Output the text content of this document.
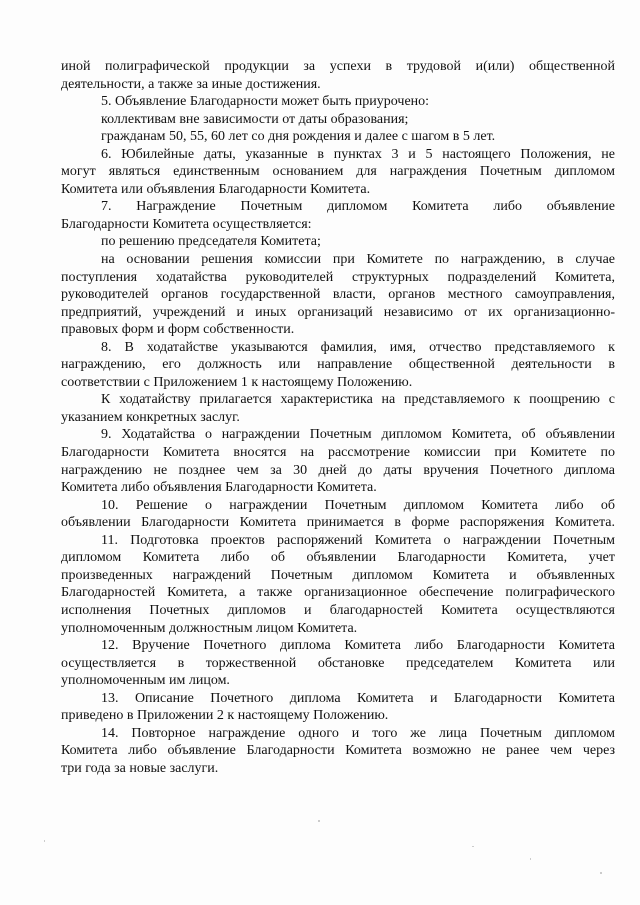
иной полиграфической продукции за успехи в трудовой и(или) общественной
деятельности, а также за иные достижения.
5. Объявление Благодарности может быть приурочено:
коллективам вне зависимости от даты образования;
гражданам 50, 55, 60 лет со дня рождения и далее с шагом в 5 лет.
6. Юбилейные даты, указанные в пунктах 3 и 5 настоящего Положения, не
могут являться единственным основанием для награждения Почетным дипломом
Комитета или объявления Благодарности Комитета.
7. Награждение Почетным дипломом Комитета либо объявление
Благодарности Комитета осуществляется:
по решению председателя Комитета;
на основании решения комиссии при Комитете по награждению, в случае
поступления ходатайства руководителей структурных подразделений Комитета,
руководителей органов государственной власти, органов местного самоуправления,
предприятий, учреждений и иных организаций независимо от их организационно-
правовых форм и форм собственности.
8. В ходатайстве указываются фамилия, имя, отчество представляемого к
награждению, его должность или направление общественной деятельности в
соответствии с Приложением 1 к настоящему Положению.
К ходатайству прилагается характеристика на представляемого к поощрению с
указанием конкретных заслуг.
9. Ходатайства о награждении Почетным дипломом Комитета, об объявлении
Благодарности Комитета вносятся на рассмотрение комиссии при Комитете по
награждению не позднее чем за 30 дней до даты вручения Почетного диплома
Комитета либо объявления Благодарности Комитета.
10. Решение о награждении Почетным дипломом Комитета либо об
объявлении Благодарности Комитета принимается в форме распоряжения Комитета.
11. Подготовка проектов распоряжений Комитета о награждении Почетным
дипломом Комитета либо об объявлении Благодарности Комитета, учет
произведенных награждений Почетным дипломом Комитета и объявленных
Благодарностей Комитета, а также организационное обеспечение полиграфического
исполнения Почетных дипломов и благодарностей Комитета осуществляются
уполномоченным должностным лицом Комитета.
12. Вручение Почетного диплома Комитета либо Благодарности Комитета
осуществляется в торжественной обстановке председателем Комитета или
уполномоченным им лицом.
13. Описание Почетного диплома Комитета и Благодарности Комитета
приведено в Приложении 2 к настоящему Положению.
14. Повторное награждение одного и того же лица Почетным дипломом
Комитета либо объявление Благодарности Комитета возможно не ранее чем через
три года за новые заслуги.
